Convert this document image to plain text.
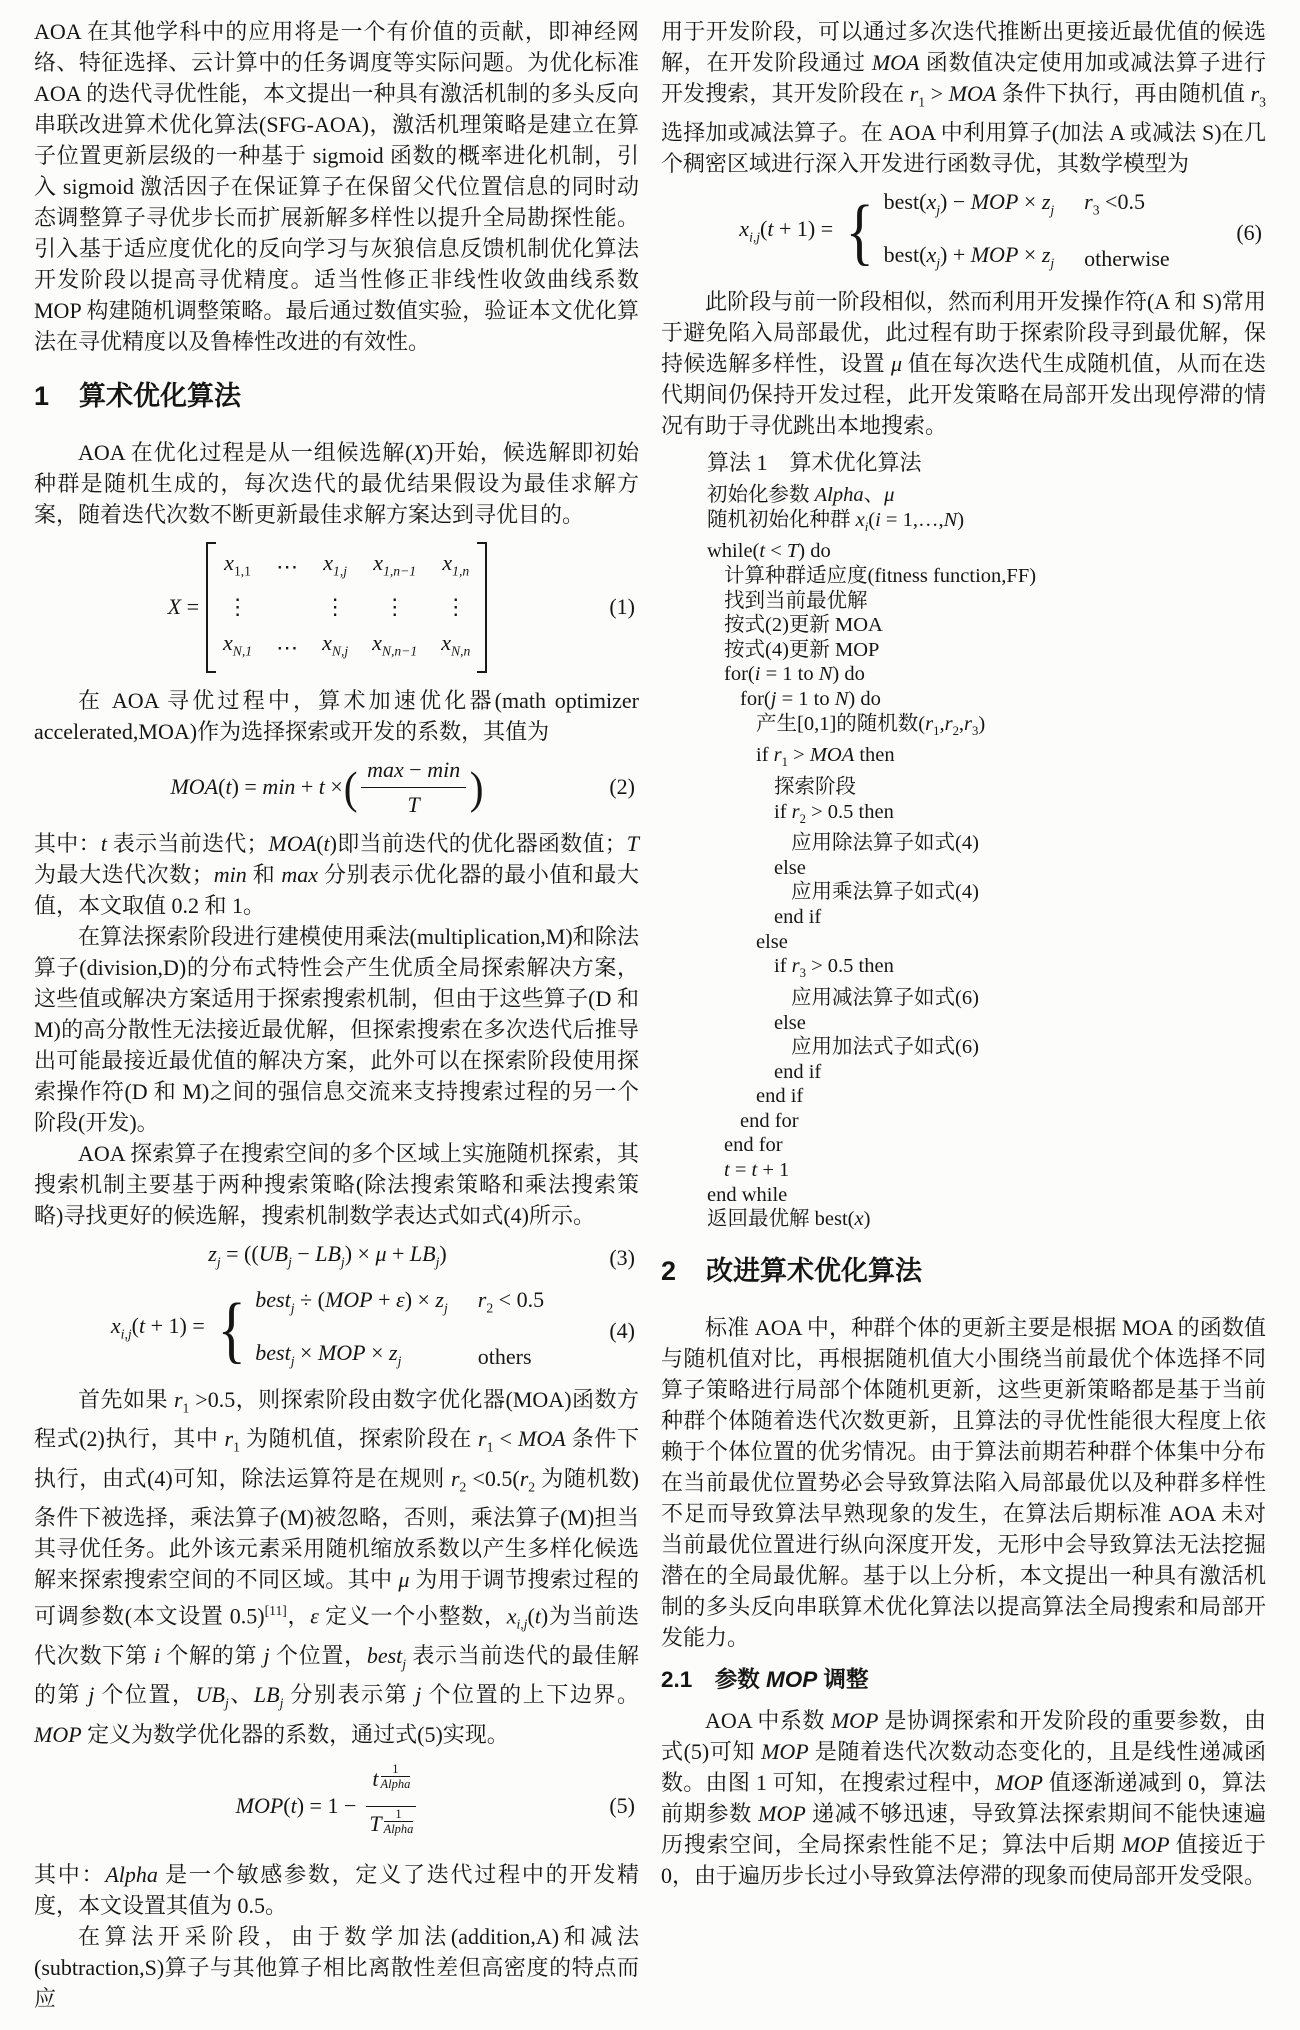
AOA 在其他学科中的应用将是一个有价值的贡献，即神经网络、特征选择、云计算中的任务调度等实际问题。为优化标准 AOA 的迭代寻优性能，本文提出一种具有激活机制的多头反向串联改进算术优化算法(SFG-AOA)，激活机理策略是建立在算子位置更新层级的一种基于 sigmoid 函数的概率进化机制，引入 sigmoid 激活因子在保证算子在保留父代位置信息的同时动态调整算子寻优步长而扩展新解多样性以提升全局勘探性能。引入基于适应度优化的反向学习与灰狼信息反馈机制优化算法开发阶段以提高寻优精度。适当性修正非线性收敛曲线系数 MOP 构建随机调整策略。最后通过数值实验，验证本文优化算法在寻优精度以及鲁棒性改进的有效性。

1 算术优化算法

AOA 在优化过程是从一组候选解(X)开始，候选解即初始种群是随机生成的，每次迭代的最优结果假设为最佳求解方案，随着迭代次数不断更新最佳求解方案达到寻优目的。

X =
$x_{1,1}$ ⋯ $x_{1,j}$ $x_{1,n-1}$ $x_{1,n}$
⋮	⋮	⋮	⋮
$x_{N,1}$ ⋯ $x_{N,j}$ $x_{N,n-1}$ $x_{N,n}$
(1)

在 AOA 寻优过程中，算术加速优化器(math optimizer accelerated,MOA)作为选择探索或开发的系数，其值为

MOA(t) = min + t × ( $\frac{\max - \min}{T}$ )	(2)

其中：t 表示当前迭代；MOA(t)即当前迭代的优化器函数值；T 为最大迭代次数；min 和 max 分别表示优化器的最小值和最大值，本文取值 0.2 和 1。

在算法探索阶段进行建模使用乘法(multiplication,M)和除法算子(division,D)的分布式特性会产生优质全局探索解决方案，这些值或解决方案适用于探索搜索机制，但由于这些算子(D 和 M)的高分散性无法接近最优解，但探索搜索在多次迭代后推导出可能最接近最优值的解决方案，此外可以在探索阶段使用探索操作符(D 和 M)之间的强信息交流来支持搜索过程的另一个阶段(开发)。

AOA 探索算子在搜索空间的多个区域上实施随机探索，其搜索机制主要基于两种搜索策略(除法搜索策略和乘法搜索策略)寻找更好的候选解，搜索机制数学表达式如式(4)所示。

$z_j = ((UB_j - LB_j) \times \mu + LB_j)$	(3)
$x_{i,j}(t + 1)$ = { best$_j$ ÷ $(MOP + \varepsilon) \times z_j$ $r_2 < 0.5$
best$_j$ × MOP × $z_j$	others
(4)

首先如果 $r_1 >0.5$，则探索阶段由数字优化器(MOA)函数方程式(2)执行，其中 $r_1$ 为随机值，探索阶段在 $r_1$ < MOA 条件下执行，由式(4)可知，除法运算符是在规则 $r_2 <0.5(r_2$ 为随机数)条件下被选择，乘法算子(M)被忽略，否则，乘法算子(M)担当其寻优任务。此外该元素采用随机缩放系数以产生多样化候选解来探索搜索空间的不同区域。其中 μ 为用于调节搜索过程的可调参数(本文设置 0.5)[11]，ε 定义一个小整数，$x_{i,j}(t)$为当前迭代次数下第 i 个解的第 j 个位置，best$_j$ 表示当前迭代的最佳解的第 j 个位置，$UB_j$、$LB_j$ 分别表示第 j 个位置的上下边界。MOP 定义为数学优化器的系数，通过式(5)实现。

MOP(t) = 1 − t	1
Alpha
T	1
Alpha	(5)

其中：Alpha 是一个敏感参数，定义了迭代过程中的开发精度，本文设置其值为 0.5。

在算法开采阶段，由于数学加法(addition,A)和减法(subtraction,S)算子与其他算子相比离散性差但高密度的特点而应

用于开发阶段，可以通过多次迭代推断出更接近最优值的候选解，在开发阶段通过 MOA 函数值决定使用加或减法算子进行开发搜索，其开发阶段在 $r_1$ > MOA 条件下执行，再由随机值 $r_3$ 选择加或减法算子。在 AOA 中利用算子(加法 A 或减法 S)在几个稠密区域进行深入开发进行函数寻优，其数学模型为

$x_{i,j}(t + 1)$ = { $best(x_j)$ − MOP × $z_j$ $r_3 <0.5$
$best(x_j)$ + MOP × $z_j$ otherwise
(6)

此阶段与前一阶段相似，然而利用开发操作符(A 和 S)常用于避免陷入局部最优，此过程有助于探索阶段寻到最优解，保持候选解多样性，设置 μ 值在每次迭代生成随机值，从而在迭代期间仍保持开发过程，此开发策略在局部开发出现停滞的情况有助于寻优跳出本地搜索。

算法 1　算术优化算法
初始化参数 Alpha、μ
随机初始化种群 $x_i(i$ = 1,…,N)
while(t < T) do
计算种群适应度(fitness function,FF)
找到当前最优解
按式(2)更新 MOA
按式(4)更新 MOP
for(i = 1 to N) do
for(j = 1 to N) do
产生[0,1]的随机数$(r_1,r_2,r_3)$
if $r_1$ > MOA then
探索阶段
if $r_2 > 0.5$ then
应用除法算子如式(4)
else
应用乘法算子如式(4)
end if
else
if $r_3 > 0.5$ then
应用减法算子如式(6)
else
应用加法式子如式(6)
end if
end if
end for
end for
t = t + 1
end while
返回最优解 best(x)
2 改进算术优化算法

标准 AOA 中，种群个体的更新主要是根据 MOA 的函数值与随机值对比，再根据随机值大小围绕当前最优个体选择不同算子策略进行局部个体随机更新，这些更新策略都是基于当前种群个体随着迭代次数更新，且算法的寻优性能很大程度上依赖于个体位置的优劣情况。由于算法前期若种群个体集中分布在当前最优位置势必会导致算法陷入局部最优以及种群多样性不足而导致算法早熟现象的发生，在算法后期标准 AOA 未对当前最优位置进行纵向深度开发，无形中会导致算法无法挖掘潜在的全局最优解。基于以上分析，本文提出一种具有激活机制的多头反向串联算术优化算法以提高算法全局搜索和局部开发能力。

2.1　参数 MOP 调整

AOA 中系数 MOP 是协调探索和开发阶段的重要参数，由式(5)可知 MOP 是随着迭代次数动态变化的，且是线性递减函数。由图 1 可知，在搜索过程中，MOP 值逐渐递减到 0，算法前期参数 MOP 递减不够迅速，导致算法探索期间不能快速遍历搜索空间，全局探索性能不足；算法中后期 MOP 值接近于 0，由于遍历步长过小导致算法停滞的现象而使局部开发受限。
